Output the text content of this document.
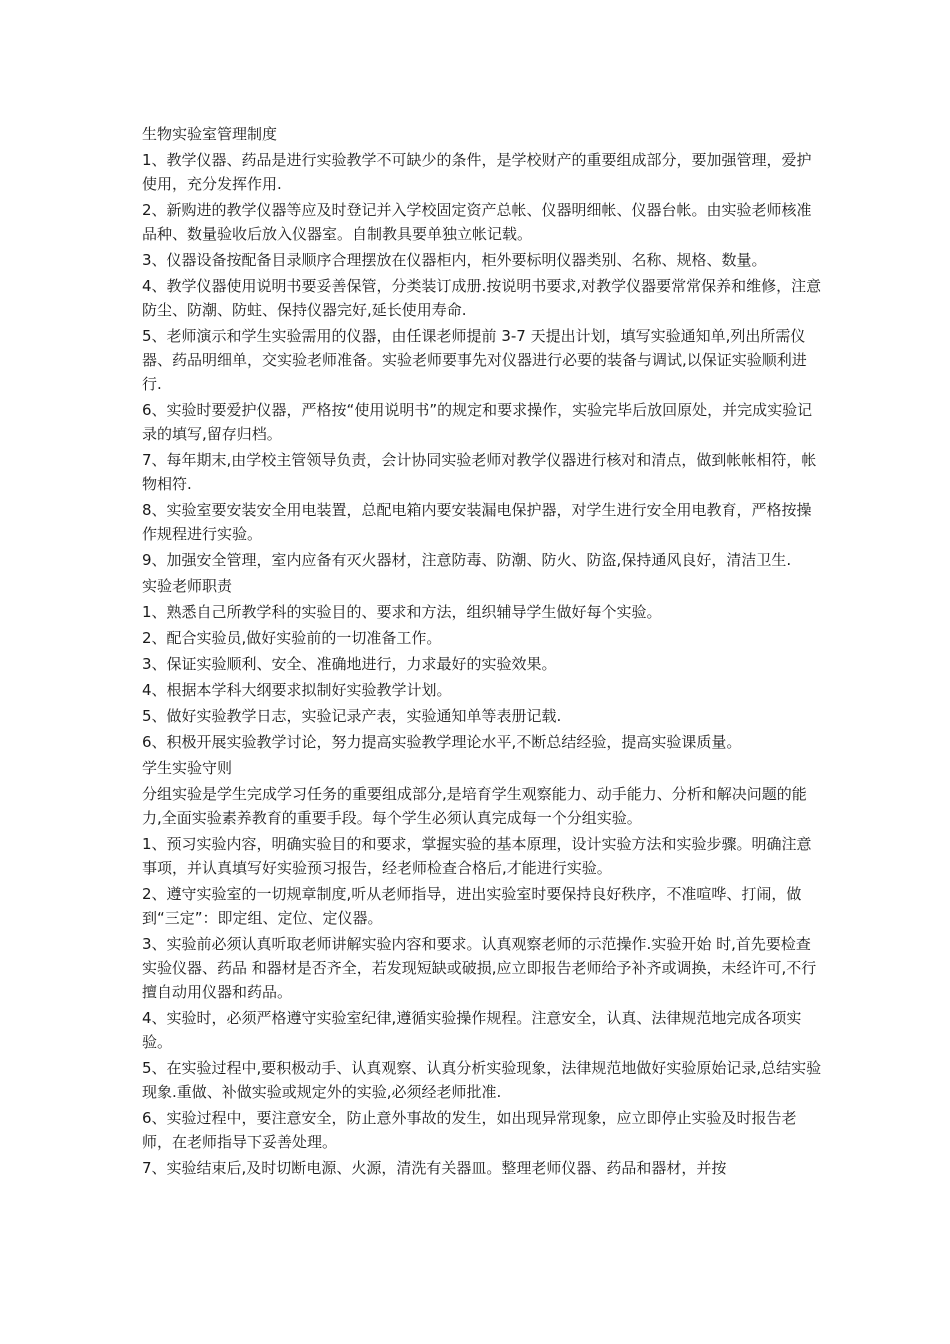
生物实验室管理制度

1、教学仪器、药品是进行实验教学不可缺少的条件，是学校财产的重要组成部分，要加强管理，爱护使用，充分发挥作用.

2、新购进的教学仪器等应及时登记并入学校固定资产总帐、仪器明细帐、仪器台帐。由实验老师核准品种、数量验收后放入仪器室。自制教具要单独立帐记载。

3、仪器设备按配备目录顺序合理摆放在仪器柜内，柜外要标明仪器类别、名称、规格、数量。

4、教学仪器使用说明书要妥善保管，分类装订成册.按说明书要求,对教学仪器要常常保养和维修，注意防尘、防潮、防蛀、保持仪器完好,延长使用寿命.

5、老师演示和学生实验需用的仪器，由任课老师提前 3-7 天提出计划，填写实验通知单,列出所需仪器、药品明细单，交实验老师准备。实验老师要事先对仪器进行必要的装备与调试,以保证实验顺利进行.

6、实验时要爱护仪器，严格按“使用说明书”的规定和要求操作，实验完毕后放回原处，并完成实验记录的填写,留存归档。

7、每年期末,由学校主管领导负责，会计协同实验老师对教学仪器进行核对和清点，做到帐帐相符，帐物相符.

8、实验室要安装安全用电装置，总配电箱内要安装漏电保护器，对学生进行安全用电教育，严格按操作规程进行实验。

9、加强安全管理，室内应备有灭火器材，注意防毒、防潮、防火、防盗,保持通风良好，清洁卫生.

实验老师职责

1、熟悉自己所教学科的实验目的、要求和方法，组织辅导学生做好每个实验。

2、配合实验员,做好实验前的一切准备工作。

3、保证实验顺利、安全、准确地进行，力求最好的实验效果。

4、根据本学科大纲要求拟制好实验教学计划。

5、做好实验教学日志，实验记录产表，实验通知单等表册记载.

6、积极开展实验教学讨论，努力提高实验教学理论水平,不断总结经验，提高实验课质量。

学生实验守则

分组实验是学生完成学习任务的重要组成部分,是培育学生观察能力、动手能力、分析和解决问题的能力,全面实验素养教育的重要手段。每个学生必须认真完成每一个分组实验。

1、预习实验内容，明确实验目的和要求，掌握实验的基本原理，设计实验方法和实验步骤。明确注意事项，并认真填写好实验预习报告，经老师检查合格后,才能进行实验。

2、遵守实验室的一切规章制度,听从老师指导，进出实验室时要保持良好秩序，不准喧哗、打闹，做到“三定”：即定组、定位、定仪器。

3、实验前必须认真听取老师讲解实验内容和要求。认真观察老师的示范操作.实验开始 时,首先要检查实验仪器、药品 和器材是否齐全，若发现短缺或破损,应立即报告老师给予补齐或调换，未经许可,不行擅自动用仪器和药品。

4、实验时，必须严格遵守实验室纪律,遵循实验操作规程。注意安全，认真、法律规范地完成各项实验。

5、在实验过程中,要积极动手、认真观察、认真分析实验现象，法律规范地做好实验原始记录,总结实验现象.重做、补做实验或规定外的实验,必须经老师批准.

6、实验过程中，要注意安全，防止意外事故的发生，如出现异常现象，应立即停止实验及时报告老师，在老师指导下妥善处理。

7、实验结束后,及时切断电源、火源，清洗有关器皿。整理老师仪器、药品和器材，并按
